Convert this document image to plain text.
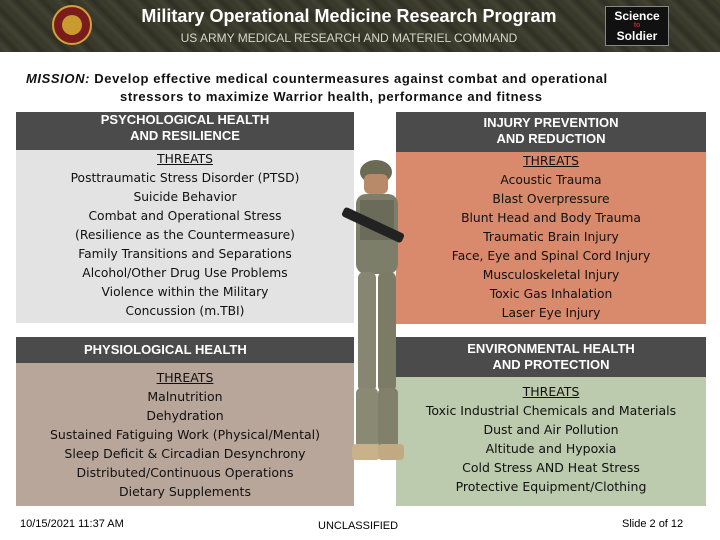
Military Operational Medicine Research Program
US ARMY MEDICAL RESEARCH AND MATERIEL COMMAND
Science
to
Soldier
MISSION: Develop effective medical countermeasures against combat and operational
stressors to maximize Warrior health, performance and fitness
PSYCHOLOGICAL HEALTH
AND RESILIENCE
THREATS
Posttraumatic Stress Disorder (PTSD)
Suicide Behavior
Combat and Operational Stress
(Resilience as the Countermeasure)
Family Transitions and Separations
Alcohol/Other Drug Use Problems
Violence within the Military
Concussion (m.TBI)
INJURY PREVENTION
AND REDUCTION
THREATS
Acoustic Trauma
Blast Overpressure
Blunt Head and Body Trauma
Traumatic Brain Injury
Face, Eye and Spinal Cord Injury
Musculoskeletal Injury
Toxic Gas Inhalation
Laser Eye Injury
PHYSIOLOGICAL HEALTH
THREATS
Malnutrition
Dehydration
Sustained Fatiguing Work (Physical/Mental)
Sleep Deficit & Circadian Desynchrony
Distributed/Continuous Operations
Dietary Supplements
ENVIRONMENTAL HEALTH
AND PROTECTION
THREATS
Toxic Industrial Chemicals and Materials
Dust and Air Pollution
Altitude and Hypoxia
Cold Stress AND Heat Stress
Protective Equipment/Clothing
10/15/2021 11:37 AM	UNCLASSIFIED	Slide 2 of 12
